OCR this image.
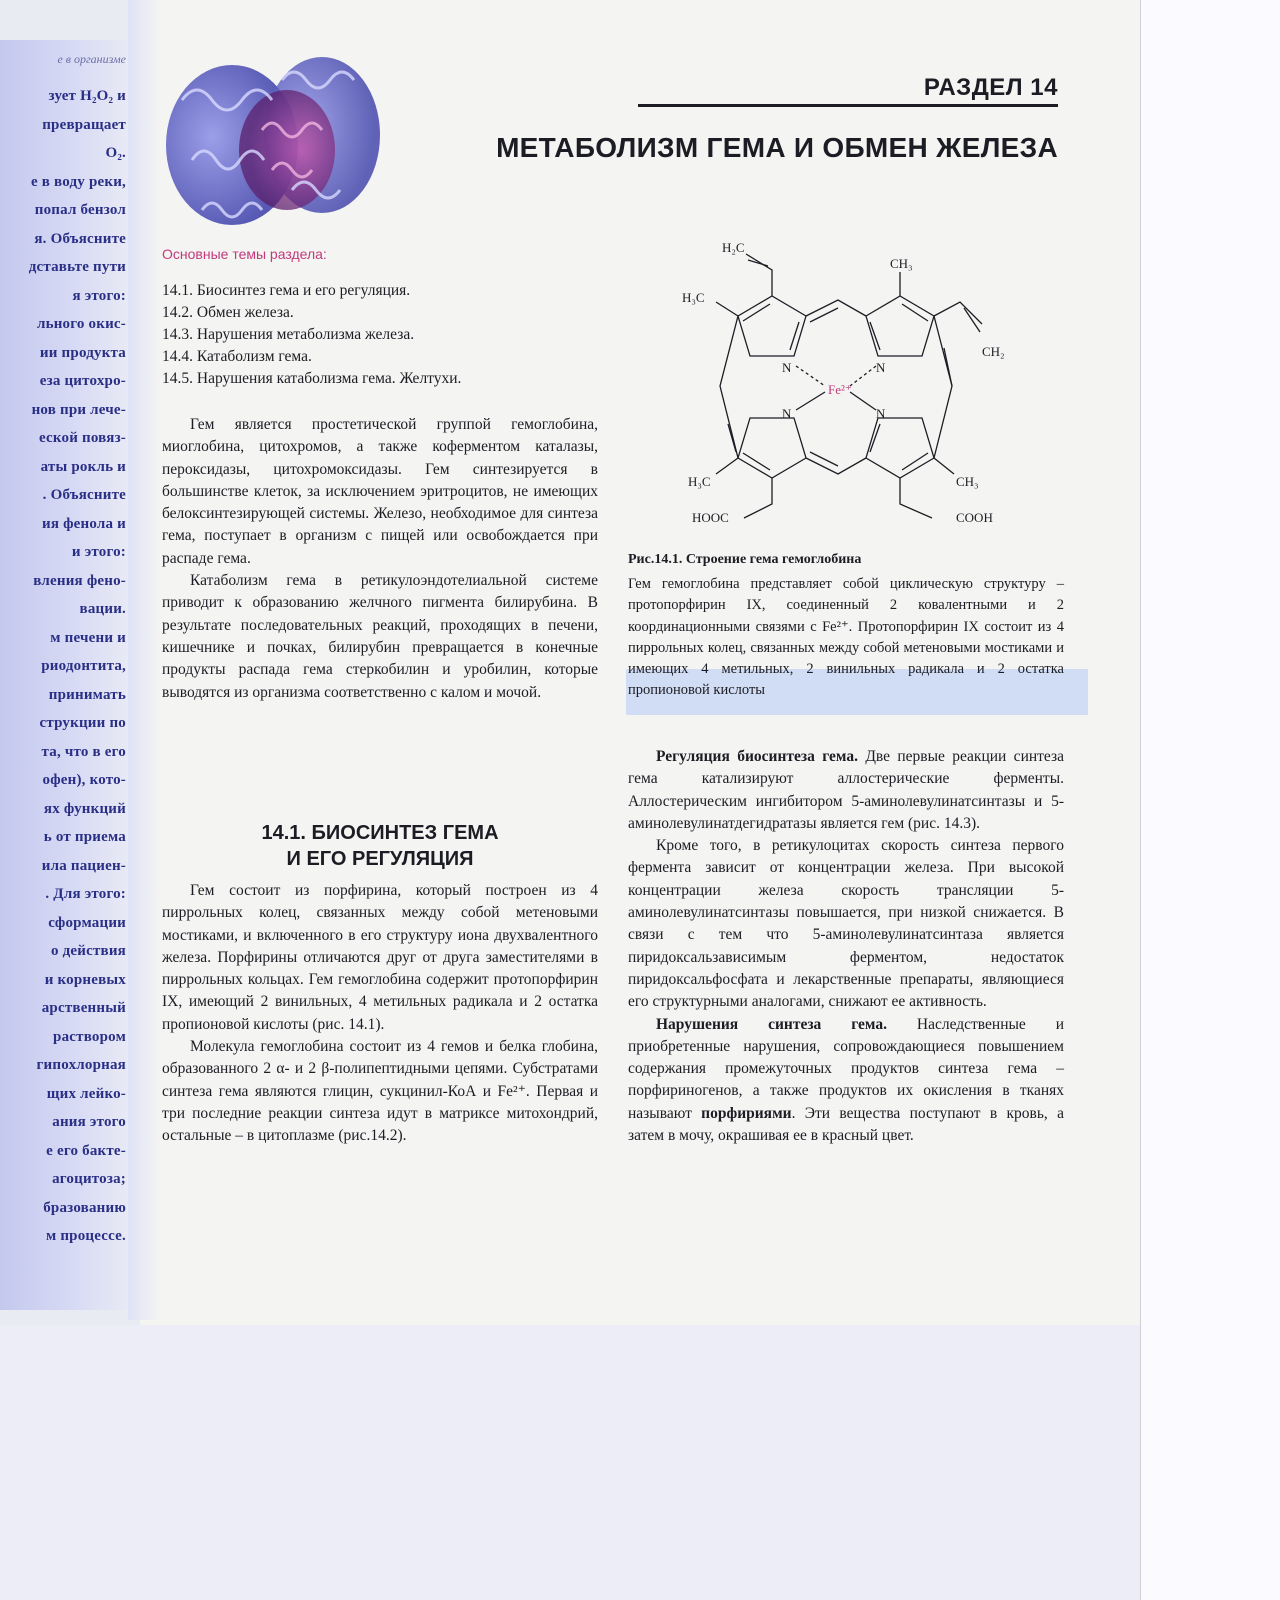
е в организме
зует H₂O₂ и
превращает
O₂.
е в воду реки,
попал бензол
я. Объясните
дставьте пути
я этого:
льного окис-
ии продукта
еза цитохро-
нов при лече-
еской повяз-
аты рокль и
. Объясните
ия фенола и
и этого:
вления фено-
вации.
м печени и
риодонтита,
принимать
струкции по
та, что в его
офен), кото-
ях функций
ь от приема
ила пациен-
. Для этого:
сформации
о действия
и корневых
арственный
раствором
гипохлорная
щих лейко-
ания этого
е его бакте-
агоцитоза;
бразованию
м процессе.
РАЗДЕЛ 14
МЕТАБОЛИЗМ ГЕМА И ОБМЕН ЖЕЛЕЗА
Основные темы раздела:
14.1. Биосинтез гема и его регуляция.
14.2. Обмен железа.
14.3. Нарушения метаболизма железа.
14.4. Катаболизм гема.
14.5. Нарушения катаболизма гема. Желтухи.

Гем является простетической группой гемоглобина, миоглобина, цитохромов, а также коферментом каталазы, пероксидазы, цитохромоксидазы. Гем синтезируется в большинстве клеток, за исключением эритроцитов, не имеющих белоксинтезирующей системы. Железо, необходимое для синтеза гема, поступает в организм с пищей или освобождается при распаде гема.

Катаболизм гема в ретикулоэндотелиальной системе приводит к образованию желчного пигмента билирубина. В результате последовательных реакций, проходящих в печени, кишечнике и почках, билирубин превращается в конечные продукты распада гема стеркобилин и уробилин, которые выводятся из организма соответственно с калом и мочой.

14.1. БИОСИНТЕЗ ГЕМА
И ЕГО РЕГУЛЯЦИЯ

Гем состоит из порфирина, который построен из 4 пиррольных колец, связанных между собой метеновыми мостиками, и включенного в его структуру иона двухвалентного железа. Порфирины отличаются друг от друга заместителями в пиррольных кольцах. Гем гемоглобина содержит протопорфирин IX, имеющий 2 винильных, 4 метильных радикала и 2 остатка пропионовой кислоты (рис. 14.1).

Молекула гемоглобина состоит из 4 гемов и белка глобина, образованного 2 α- и 2 β-полипептидными цепями. Субстратами синтеза гема являются глицин, сукцинил-КоА и Fe²⁺. Первая и три последние реакции синтеза идут в матриксе митохондрий, остальные – в цитоплазме (рис.14.2).

H₂C
CH₃
H₃C
CH₂
N	N
Fe²⁺
N	N
H₃C	CH₃
HOOC	COOH
Рис.14.1. Строение гема гемоглобина
Гем гемоглобина представляет собой циклическую структуру – протопорфирин IX, соединенный 2 ковалентными и 2 координационными связями с Fe²⁺. Протопорфирин IX состоит из 4 пиррольных колец, связанных между собой метеновыми мостиками и имеющих 4 метильных, 2 винильных радикала и 2 остатка пропионовой кислоты

Регуляция биосинтеза гема. Две первые реакции синтеза гема катализируют аллостерические ферменты. Аллостерическим ингибитором 5-аминолевулинатсинтазы и 5-аминолевулинатдегидратазы является гем (рис. 14.3).

Кроме того, в ретикулоцитах скорость синтеза первого фермента зависит от концентрации железа. При высокой концентрации железа скорость трансляции 5-аминолевулинатсинтазы повышается, при низкой снижается. В связи с тем что 5-аминолевулинатсинтаза является пиридоксальзависимым ферментом, недостаток пиридоксальфосфата и лекарственные препараты, являющиеся его структурными аналогами, снижают ее активность.

Нарушения синтеза гема. Наследственные и приобретенные нарушения, сопровождающиеся повышением содержания промежуточных продуктов синтеза гема – порфириногенов, а также продуктов их окисления в тканях называют порфириями. Эти вещества поступают в кровь, а затем в мочу, окрашивая ее в красный цвет.
